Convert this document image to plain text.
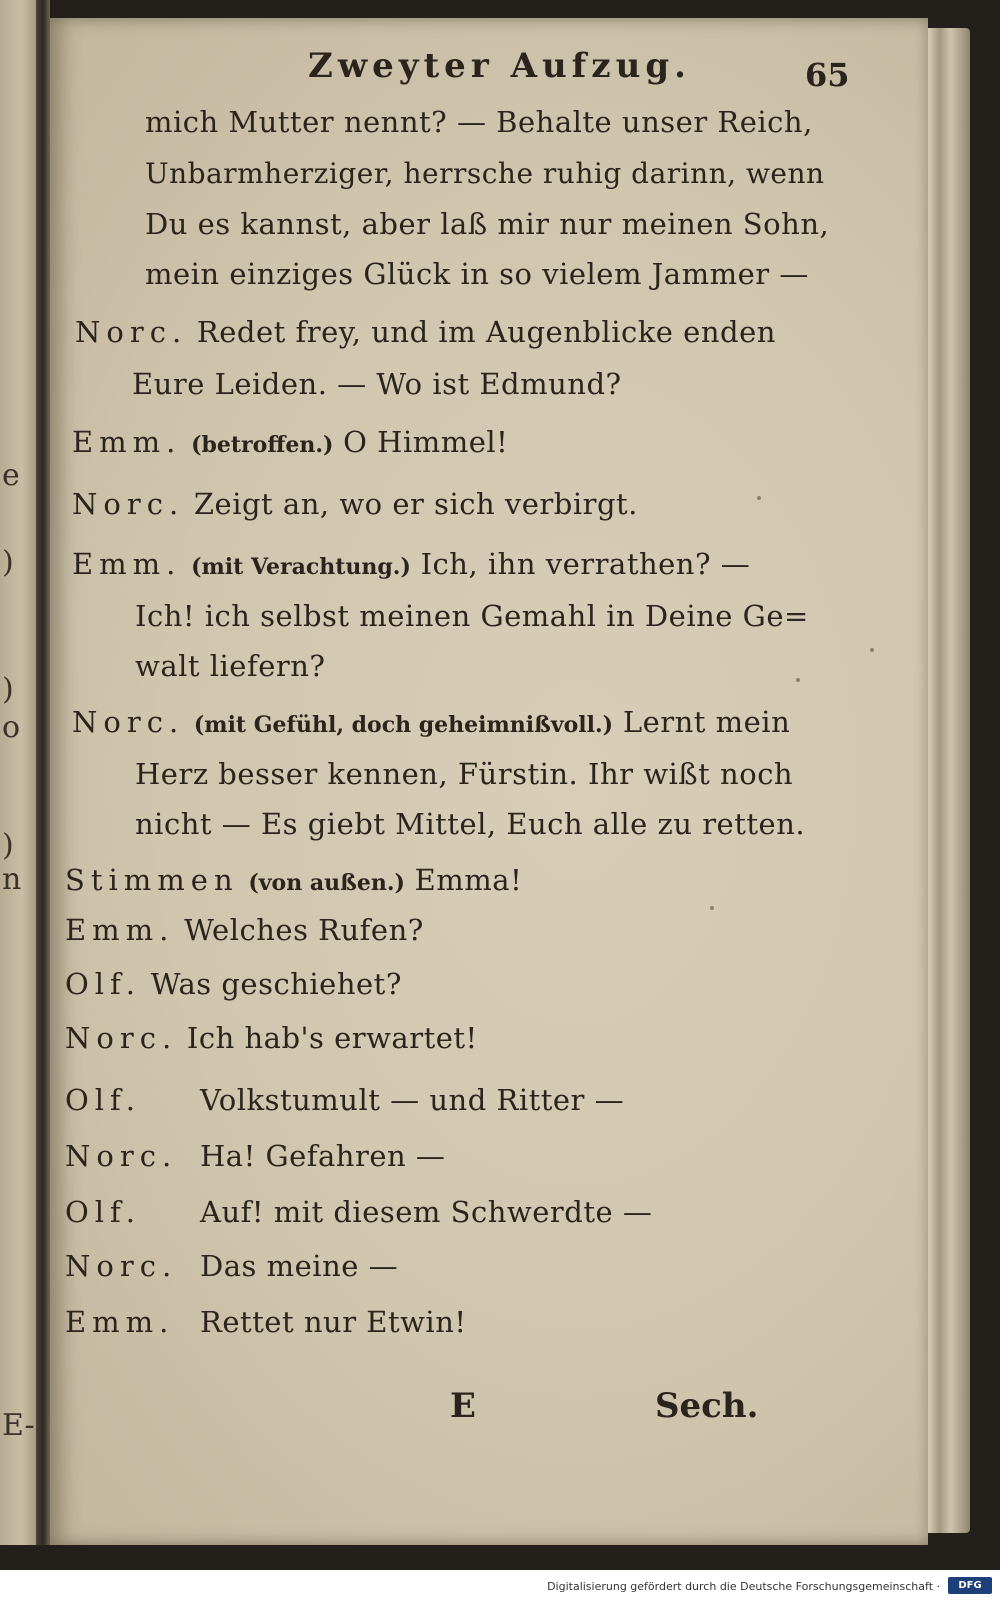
e
)
)
o
)
n
E-
Zweyter Aufzug.	65
mich Mutter nennt? — Behalte unser Reich,
Unbarmherziger, herrsche ruhig darinn, wenn
Du es kannst, aber laß mir nur meinen Sohn,
mein einziges Glück in so vielem Jammer —
Norc. Redet frey, und im Augenblicke enden
Eure Leiden. — Wo ist Edmund?
Emm. (betroffen.) O Himmel!
Norc. Zeigt an, wo er sich verbirgt.
Emm. (mit Verachtung.) Ich, ihn verrathen? —
Ich! ich selbst meinen Gemahl in Deine Ge=
walt liefern?
Norc. (mit Gefühl, doch geheimnißvoll.) Lernt mein
Herz besser kennen, Fürstin. Ihr wißt noch
nicht — Es giebt Mittel, Euch alle zu retten.
Stimmen (von außen.) Emma!
Emm. Welches Rufen?
Olf. Was geschiehet?
Norc. Ich hab's erwartet!
Olf. Volkstumult — und Ritter —
Norc. Ha! Gefahren —
Olf. Auf! mit diesem Schwerdte —
Norc. Das meine —
Emm. Rettet nur Etwin!
E	Sech.
Digitalisierung gefördert durch die Deutsche Forschungsgemeinschaft ·	DFG
